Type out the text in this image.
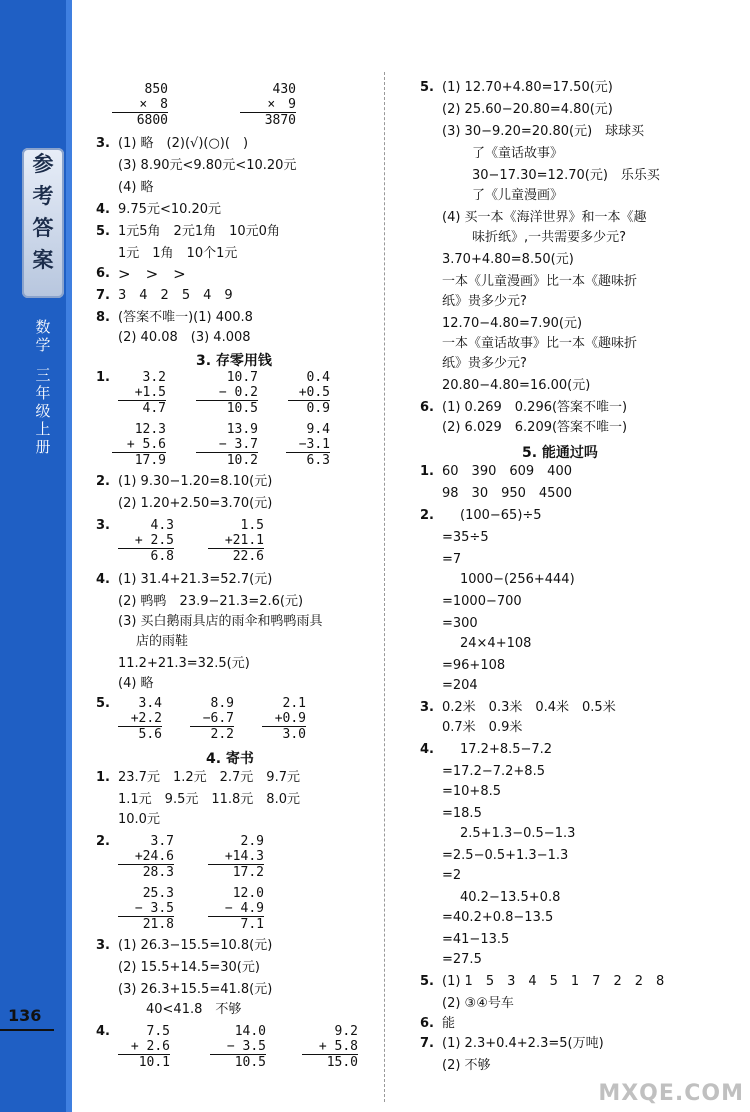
参
考
答
案
数学
三年级上册
136
850
×　8
6800
430
×　9
3870
3. (1) 略　(2)(√)(○)(　)
(3) 8.90元<9.80元<10.20元
(4) 略
4. 9.75元<10.20元
5. 1元5角　2元1角　10元0角
1元　1角　10个1元
6. >　>　>
7. 3　4　2　5　4　9
8. (答案不唯一)(1) 400.8
(2) 40.08　(3) 4.008
3. 存零用钱
1.	3.2
+1.5
4.7
10.7
− 0.2
10.5
0.4
+0.5
0.9
12.3
+ 5.6
17.9
13.9
− 3.7
10.2
9.4
−3.1
6.3
2. (1) 9.30−1.20=8.10(元)
(2) 1.20+2.50=3.70(元)
3.	4.3
+ 2.5
6.8
1.5
+21.1
22.6
4. (1) 31.4+21.3=52.7(元)
(2) 鸭鸭　23.9−21.3=2.6(元)
(3) 买白鹅雨具店的雨伞和鸭鸭雨具
店的雨鞋
11.2+21.3=32.5(元)
(4) 略
5.	3.4
+2.2
5.6
8.9
−6.7
2.2
2.1
+0.9
3.0
4. 寄书
1. 23.7元　1.2元　2.7元　9.7元
1.1元　9.5元　11.8元　8.0元
10.0元
2.	3.7
+24.6
28.3
2.9
+14.3
17.2
25.3
− 3.5
21.8
12.0
− 4.9
7.1
3. (1) 26.3−15.5=10.8(元)
(2) 15.5+14.5=30(元)
(3) 26.3+15.5=41.8(元)
40<41.8　不够
4.	7.5
+ 2.6
10.1
14.0
− 3.5
10.5
9.2
+ 5.8
15.0
5. (1) 12.70+4.80=17.50(元)
(2) 25.60−20.80=4.80(元)
(3) 30−9.20=20.80(元)　球球买
了《童话故事》
30−17.30=12.70(元)　乐乐买
了《儿童漫画》
(4) 买一本《海洋世界》和一本《趣
味折纸》,一共需要多少元?
3.70+4.80=8.50(元)
一本《儿童漫画》比一本《趣味折
纸》贵多少元?
12.70−4.80=7.90(元)
一本《童话故事》比一本《趣味折
纸》贵多少元?
20.80−4.80=16.00(元)
6. (1) 0.269　0.296(答案不唯一)
(2) 6.029　6.209(答案不唯一)
5. 能通过吗
1. 60　390　609　400
98　30　950　4500
2. (100−65)÷5
=35÷5
=7
1000−(256+444)
=1000−700
=300
24×4+108
=96+108
=204
3. 0.2米　0.3米　0.4米　0.5米
0.7米　0.9米
4. 17.2+8.5−7.2
=17.2−7.2+8.5
=10+8.5
=18.5
2.5+1.3−0.5−1.3
=2.5−0.5+1.3−1.3
=2
40.2−13.5+0.8
=40.2+0.8−13.5
=41−13.5
=27.5
5. (1) 1　5　3　4　5　1　7　2　2　8
(2) ③④号车
6. 能
7. (1) 2.3+0.4+2.3=5(万吨)
(2) 不够
MXQE.COM
